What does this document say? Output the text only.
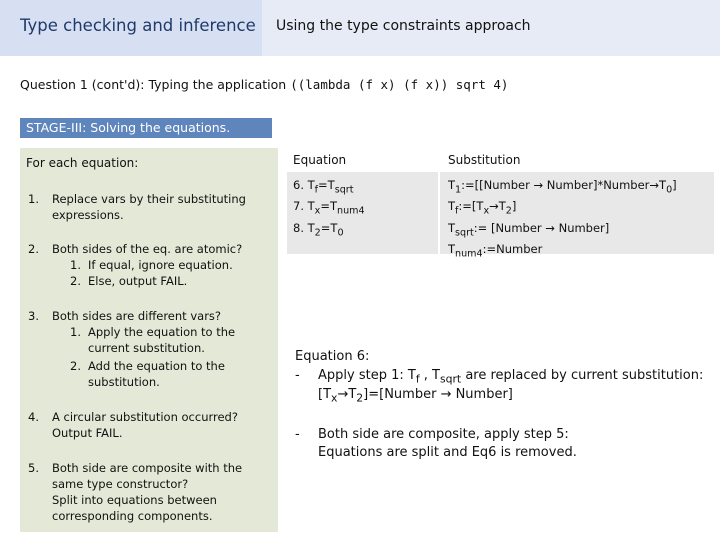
Type checking and inference Using the type constraints approach
Question 1 (cont'd): Typing the application ((lambda (f x) (f x)) sqrt 4)
STAGE-III: Solving the equations.
For each equation:
1. Replace vars by their substituting
expressions.
2. Both sides of the eq. are atomic?
1. If equal, ignore equation.
2. Else, output FAIL.
3. Both sides are different vars?
1. Apply the equation to the current substitution.
2. Add the equation to the substitution.
4. A circular substitution occurred?
Output FAIL.
5. Both side are composite with the
same type constructor?
Split into equations between
corresponding components.
Equation	Substitution
6. $T_f=T_{sqrt}$
7. $T_x=T_{num4}$
8. $T_2=T_0$
$T_1:=[[Number$ → $Number]*Number\to T_0$]
$T_f:=[T_x\to T_2]$
$T_{sqrt}:=$ [Number → Number]
$T_{num4}:=Number$
Equation 6:
- Apply step 1: $T_f$ , $T_{sqrt}$ are replaced by current substitution:
$[T_x\to T_2]=[Number$ → Number]
- Both side are composite, apply step 5:
Equations are split and Eq6 is removed.
